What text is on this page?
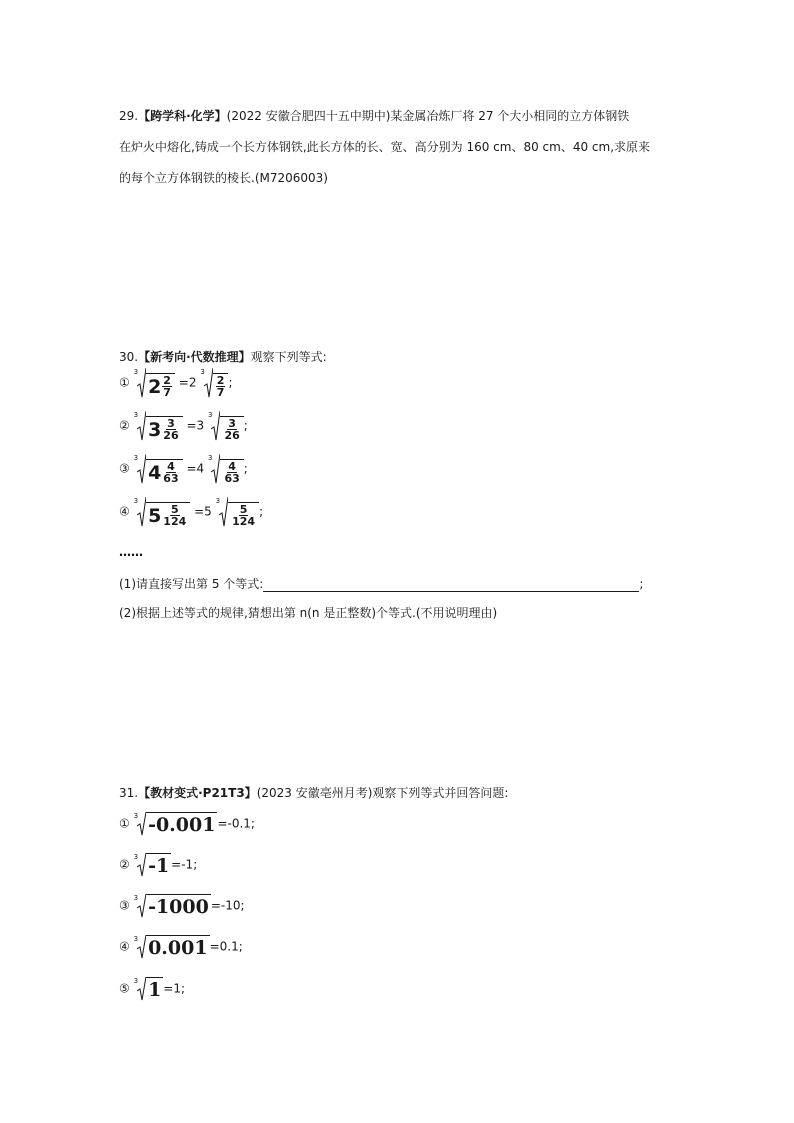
29.【跨学科·化学】(2022 安徽合肥四十五中期中)某金属冶炼厂将 27 个大小相同的立方体钢铁
在炉火中熔化,铸成一个长方体钢铁,此长方体的长、宽、高分别为 160 cm、80 cm、40 cm,求原来
的每个立方体钢铁的棱长.(M7206003)
30.【新考向·代数推理】观察下列等式:
①
3
$2 \frac{2}{7} =2$
3
$\frac{2}{7}$ ;
②
3
$3 \frac{3}{26} =3$
3
$\frac{3}{26}$ ;
③
3
$4 \frac{4}{63} =4$
3
$\frac{4}{63}$ ;
④
3
$5 \frac{5}{124} =5$
3
$\frac{5}{124}$ ;
……
(1)请直接写出第 5 个等式:	;
(2)根据上述等式的规律,猜想出第 n(n 是正整数)个等式.(不用说明理由)
31.【教材变式·P21T3】(2023 安徽亳州月考)观察下列等式并回答问题:
①
3 -0.001 =-0.1;
②
3 -1 =-1;
③
3 -1000 =-10;
④
3 0.001 =0.1;
⑤
3 1 =1;
